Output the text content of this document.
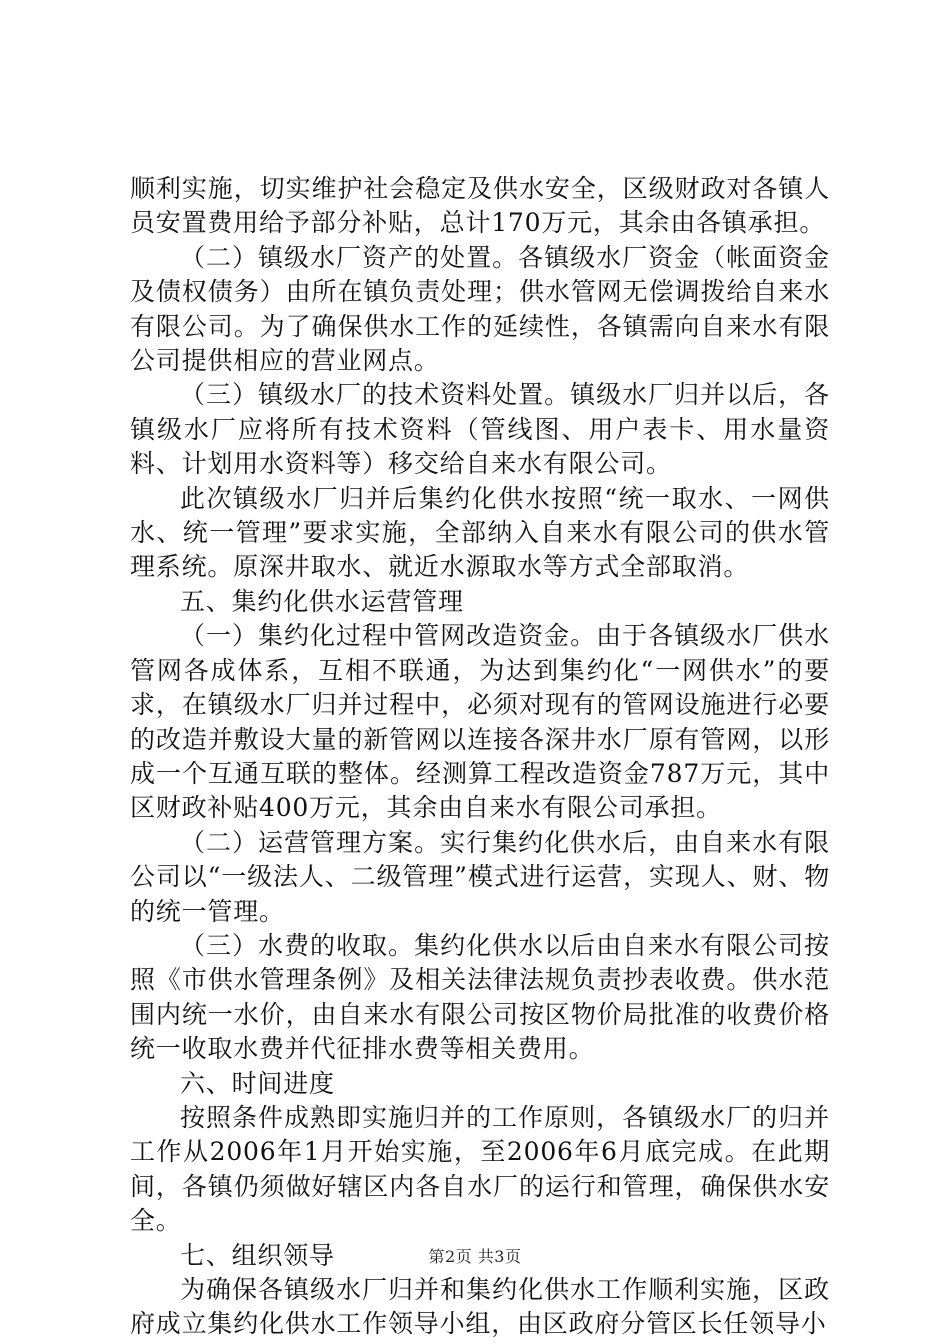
顺利实施，切实维护社会稳定及供水安全，区级财政对各镇人员安置费用给予部分补贴，总计170万元，其余由各镇承担。

（二）镇级水厂资产的处置。各镇级水厂资金（帐面资金及债权债务）由所在镇负责处理；供水管网无偿调拨给自来水有限公司。为了确保供水工作的延续性，各镇需向自来水有限公司提供相应的营业网点。

（三）镇级水厂的技术资料处置。镇级水厂归并以后，各镇级水厂应将所有技术资料（管线图、用户表卡、用水量资料、计划用水资料等）移交给自来水有限公司。

此次镇级水厂归并后集约化供水按照“统一取水、一网供水、统一管理”要求实施，全部纳入自来水有限公司的供水管理系统。原深井取水、就近水源取水等方式全部取消。

五、集约化供水运营管理

（一）集约化过程中管网改造资金。由于各镇级水厂供水管网各成体系，互相不联通，为达到集约化“一网供水”的要求，在镇级水厂归并过程中，必须对现有的管网设施进行必要的改造并敷设大量的新管网以连接各深井水厂原有管网，以形成一个互通互联的整体。经测算工程改造资金787万元，其中区财政补贴400万元，其余由自来水有限公司承担。

（二）运营管理方案。实行集约化供水后，由自来水有限公司以“一级法人、二级管理”模式进行运营，实现人、财、物的统一管理。

（三）水费的收取。集约化供水以后由自来水有限公司按照《市供水管理条例》及相关法律法规负责抄表收费。供水范围内统一水价，由自来水有限公司按区物价局批准的收费价格统一收取水费并代征排水费等相关费用。

六、时间进度

按照条件成熟即实施归并的工作原则，各镇级水厂的归并工作从2006年1月开始实施，至2006年6月底完成。在此期间，各镇仍须做好辖区内各自水厂的运行和管理，确保供水安全。

七、组织领导

为确保各镇级水厂归并和集约化供水工作顺利实施，区政府成立集约化供水工作领导小组，由区政府分管区长任领导小

第2页 共3页
